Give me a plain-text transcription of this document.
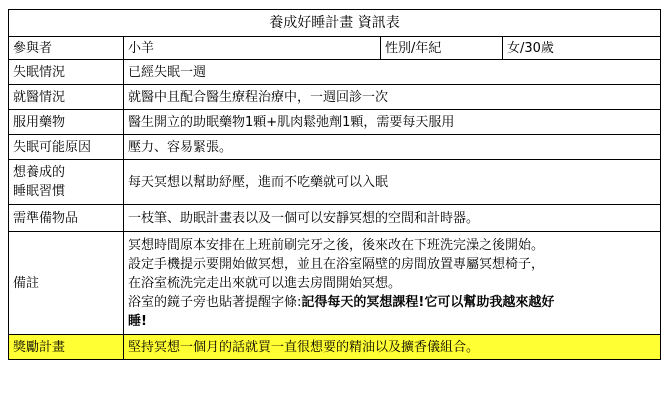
養成好睡計畫 資訊表			
參與者	小羊	性別/年紀	女/30歲
失眠情況	已經失眠一週		
就醫情況	就醫中且配合醫生療程治療中，一週回診一次		
服用藥物	醫生開立的助眠藥物1顆+肌肉鬆弛劑1顆，需要每天服用		
失眠可能原因	壓力、容易緊張。		
想養成的
睡眠習慣	每天冥想以幫助紓壓，進而不吃藥就可以入眠		
需準備物品	一枝筆、助眠計畫表以及一個可以安靜冥想的空間和計時器。		
備註	冥想時間原本安排在上班前刷完牙之後，後來改在下班洗完澡之後開始。
設定手機提示要開始做冥想，並且在浴室隔壁的房間放置專屬冥想椅子，
在浴室梳洗完走出來就可以進去房間開始冥想。
浴室的鏡子旁也貼著提醒字條:記得每天的冥想課程!它可以幫助我越來越好
睡!		

獎勵計畫	堅持冥想一個月的話就買一直很想要的精油以及擴香儀組合。		
